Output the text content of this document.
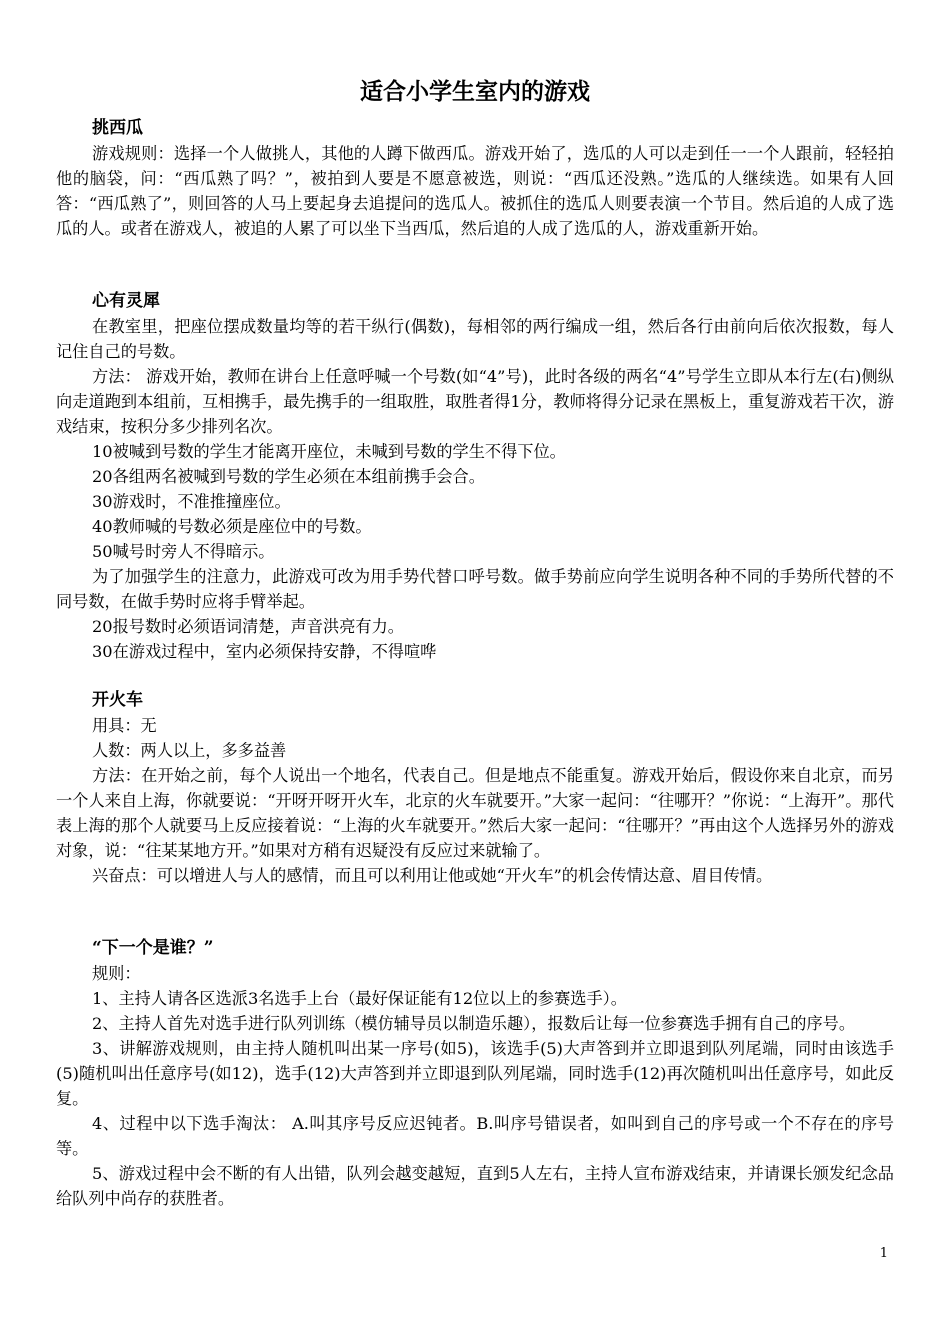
适合小学生室内的游戏

挑西瓜

游戏规则：选择一个人做挑人，其他的人蹲下做西瓜。游戏开始了，选瓜的人可以走到任一一个人跟前，轻轻拍他的脑袋，问：“西瓜熟了吗？”，被拍到人要是不愿意被选，则说：“西瓜还没熟。”选瓜的人继续选。如果有人回答：“西瓜熟了”，则回答的人马上要起身去追提问的选瓜人。被抓住的选瓜人则要表演一个节目。然后追的人成了选瓜的人。或者在游戏人，被追的人累了可以坐下当西瓜，然后追的人成了选瓜的人，游戏重新开始。

心有灵犀

在教室里，把座位摆成数量均等的若干纵行(偶数)，每相邻的两行编成一组，然后各行由前向后依次报数，每人记住自己的号数。

方法： 游戏开始，教师在讲台上任意呼喊一个号数(如“4”号)，此时各级的两名“4”号学生立即从本行左(右)侧纵向走道跑到本组前，互相携手，最先携手的一组取胜，取胜者得1分，教师将得分记录在黑板上，重复游戏若干次，游戏结束，按积分多少排列名次。

10被喊到号数的学生才能离开座位，未喊到号数的学生不得下位。

20各组两名被喊到号数的学生必须在本组前携手会合。

30游戏时，不准推撞座位。

40教师喊的号数必须是座位中的号数。

50喊号时旁人不得暗示。

为了加强学生的注意力，此游戏可改为用手势代替口呼号数。做手势前应向学生说明各种不同的手势所代替的不同号数，在做手势时应将手臂举起。

20报号数时必须语词清楚，声音洪亮有力。

30在游戏过程中，室内必须保持安静，不得喧哗

开火车

用具：无

人数：两人以上，多多益善

方法：在开始之前，每个人说出一个地名，代表自己。但是地点不能重复。游戏开始后，假设你来自北京，而另一个人来自上海，你就要说：“开呀开呀开火车，北京的火车就要开。”大家一起问：“往哪开？”你说：“上海开”。那代表上海的那个人就要马上反应接着说：“上海的火车就要开。”然后大家一起问：“往哪开？”再由这个人选择另外的游戏对象，说：“往某某地方开。”如果对方稍有迟疑没有反应过来就输了。

兴奋点：可以增进人与人的感情，而且可以利用让他或她“开火车”的机会传情达意、眉目传情。

“下一个是谁？”

规则：

1、主持人请各区选派3名选手上台（最好保证能有12位以上的参赛选手）。

2、主持人首先对选手进行队列训练（模仿辅导员以制造乐趣），报数后让每一位参赛选手拥有自己的序号。

3、讲解游戏规则，由主持人随机叫出某一序号(如5)，该选手(5)大声答到并立即退到队列尾端，同时由该选手(5)随机叫出任意序号(如12)，选手(12)大声答到并立即退到队列尾端，同时选手(12)再次随机叫出任意序号，如此反复。

4、过程中以下选手淘汰： A.叫其序号反应迟钝者。B.叫序号错误者，如叫到自己的序号或一个不存在的序号等。

5、游戏过程中会不断的有人出错，队列会越变越短，直到5人左右，主持人宣布游戏结束，并请课长颁发纪念品给队列中尚存的获胜者。

1
